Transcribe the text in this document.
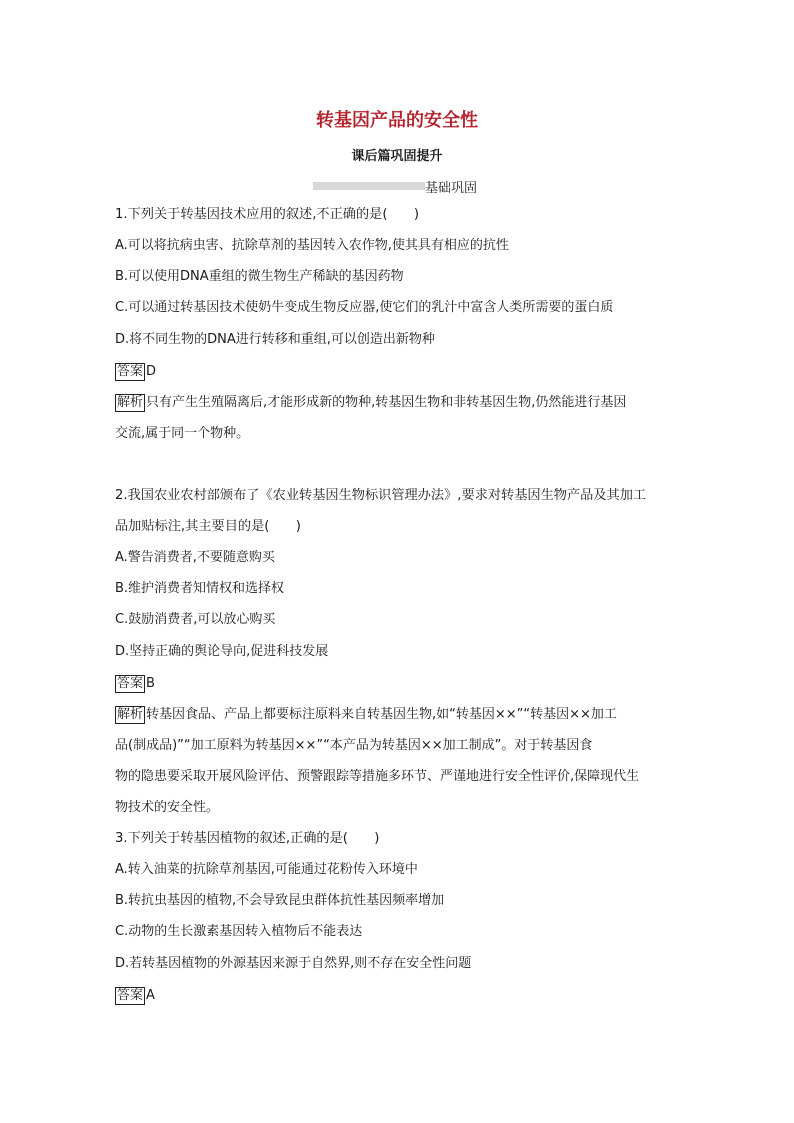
转基因产品的安全性
课后篇巩固提升
基础巩固
1.下列关于转基因技术应用的叙述,不正确的是(　　)
A.可以将抗病虫害、抗除草剂的基因转入农作物,使其具有相应的抗性
B.可以使用DNA重组的微生物生产稀缺的基因药物
C.可以通过转基因技术使奶牛变成生物反应器,使它们的乳汁中富含人类所需要的蛋白质
D.将不同生物的DNA进行转移和重组,可以创造出新物种
答案 D
解析 只有产生生殖隔离后,才能形成新的物种,转基因生物和非转基因生物,仍然能进行基因
交流,属于同一个物种。
2.我国农业农村部颁布了《农业转基因生物标识管理办法》,要求对转基因生物产品及其加工
品加贴标注,其主要目的是(　　)
A.警告消费者,不要随意购买
B.维护消费者知情权和选择权
C.鼓励消费者,可以放心购买
D.坚持正确的舆论导向,促进科技发展
答案 B
解析 转基因食品、产品上都要标注原料来自转基因生物,如“转基因××”“转基因××加工
品(制成品)”“加工原料为转基因××”“本产品为转基因××加工制成”。对于转基因食
物的隐患要采取开展风险评估、预警跟踪等措施多环节、严谨地进行安全性评价,保障现代生
物技术的安全性。
3.下列关于转基因植物的叙述,正确的是(　　)
A.转入油菜的抗除草剂基因,可能通过花粉传入环境中
B.转抗虫基因的植物,不会导致昆虫群体抗性基因频率增加
C.动物的生长激素基因转入植物后不能表达
D.若转基因植物的外源基因来源于自然界,则不存在安全性问题
答案 A
